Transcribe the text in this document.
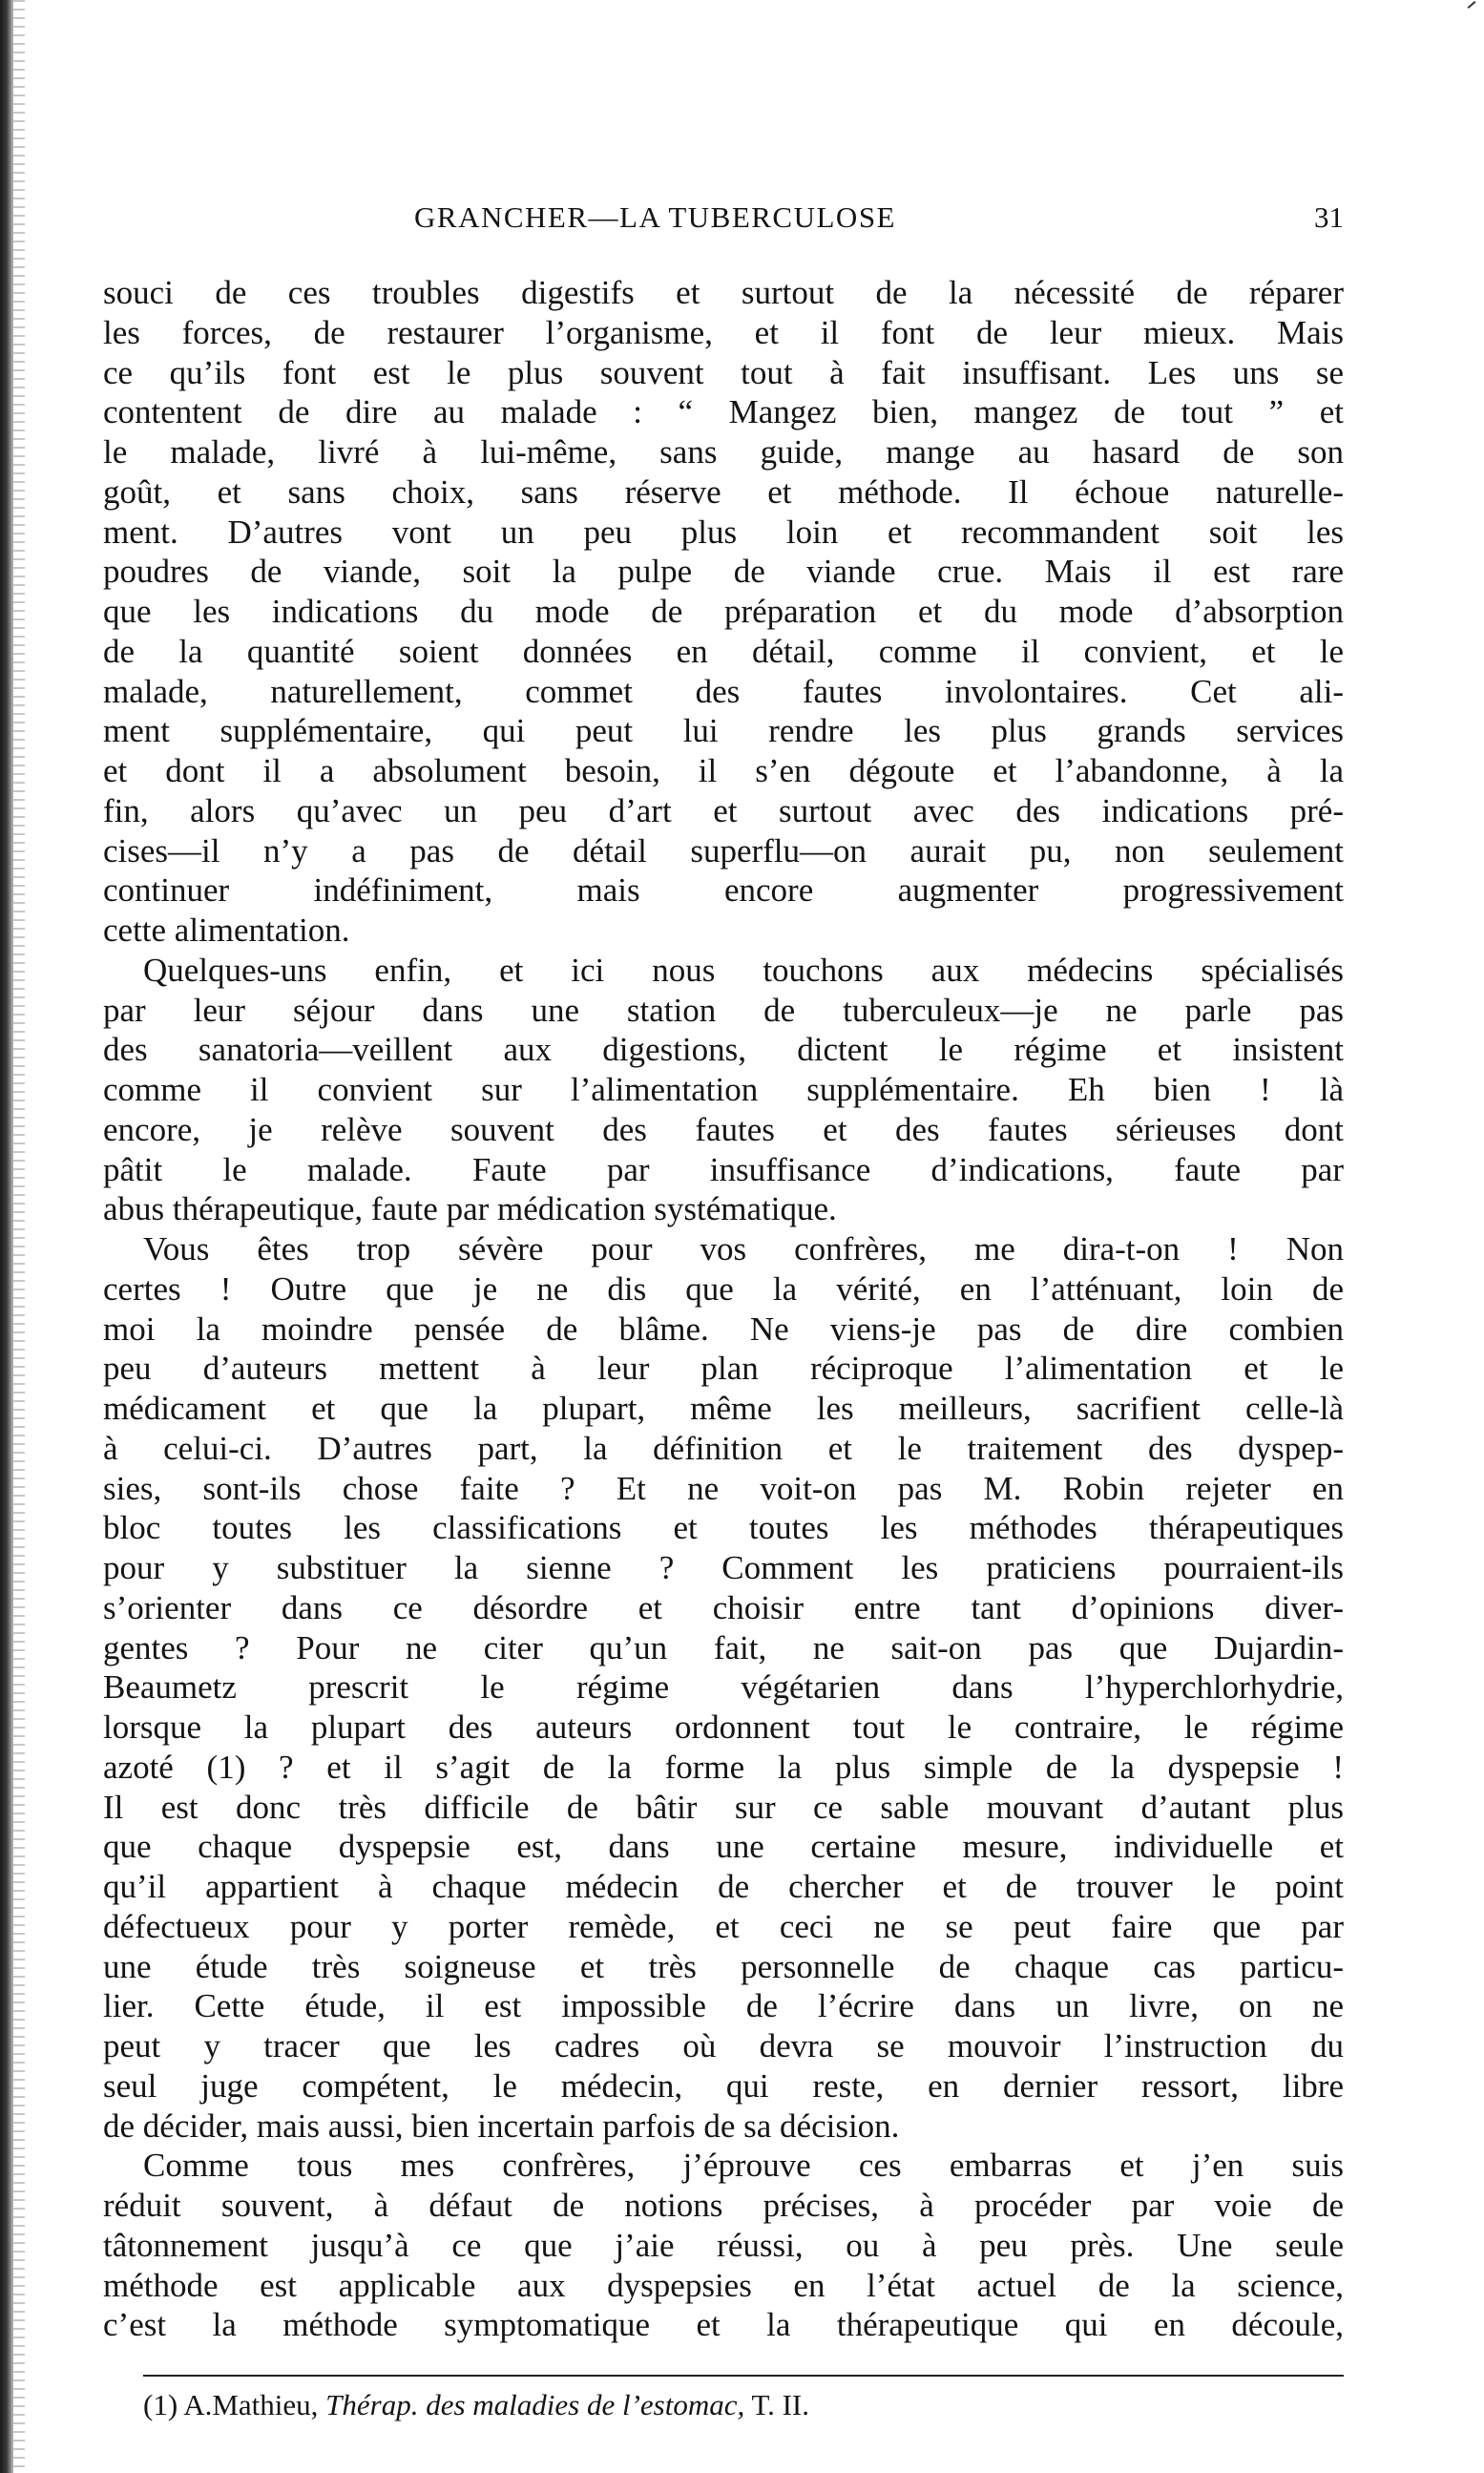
GRANCHER—LA TUBERCULOSE	31
souci de ces troubles digestifs et surtout de la nécessité de réparer
les forces, de restaurer l’organisme, et il font de leur mieux. Mais
ce qu’ils font est le plus souvent tout à fait insuffisant. Les uns se
contentent de dire au malade : “ Mangez bien, mangez de tout ” et
le malade, livré à lui-même, sans guide, mange au hasard de son
goût, et sans choix, sans réserve et méthode. Il échoue naturelle-
ment. D’autres vont un peu plus loin et recommandent soit les
poudres de viande, soit la pulpe de viande crue. Mais il est rare
que les indications du mode de préparation et du mode d’absorption
de la quantité soient données en détail, comme il convient, et le
malade, naturellement, commet des fautes involontaires. Cet ali-
ment supplémentaire, qui peut lui rendre les plus grands services
et dont il a absolument besoin, il s’en dégoute et l’abandonne, à la
fin, alors qu’avec un peu d’art et surtout avec des indications pré-
cises—il n’y a pas de détail superflu—on aurait pu, non seulement
continuer indéfiniment, mais encore augmenter progressivement
cette alimentation.
Quelques-uns enfin, et ici nous touchons aux médecins spécialisés
par leur séjour dans une station de tuberculeux—je ne parle pas
des sanatoria—veillent aux digestions, dictent le régime et insistent
comme il convient sur l’alimentation supplémentaire. Eh bien ! là
encore, je relève souvent des fautes et des fautes sérieuses dont
pâtit le malade. Faute par insuffisance d’indications, faute par
abus thérapeutique, faute par médication systématique.
Vous êtes trop sévère pour vos confrères, me dira-t-on ! Non
certes ! Outre que je ne dis que la vérité, en l’atténuant, loin de
moi la moindre pensée de blâme. Ne viens-je pas de dire combien
peu d’auteurs mettent à leur plan réciproque l’alimentation et le
médicament et que la plupart, même les meilleurs, sacrifient celle-là
à celui-ci. D’autres part, la définition et le traitement des dyspep-
sies, sont-ils chose faite ? Et ne voit-on pas M. Robin rejeter en
bloc toutes les classifications et toutes les méthodes thérapeutiques
pour y substituer la sienne ? Comment les praticiens pourraient-ils
s’orienter dans ce désordre et choisir entre tant d’opinions diver-
gentes ? Pour ne citer qu’un fait, ne sait-on pas que Dujardin-
Beaumetz prescrit le régime végétarien dans l’hyperchlorhydrie,
lorsque la plupart des auteurs ordonnent tout le contraire, le régime
azoté (1) ? et il s’agit de la forme la plus simple de la dyspepsie !
Il est donc très difficile de bâtir sur ce sable mouvant d’autant plus
que chaque dyspepsie est, dans une certaine mesure, individuelle et
qu’il appartient à chaque médecin de chercher et de trouver le point
défectueux pour y porter remède, et ceci ne se peut faire que par
une étude très soigneuse et très personnelle de chaque cas particu-
lier. Cette étude, il est impossible de l’écrire dans un livre, on ne
peut y tracer que les cadres où devra se mouvoir l’instruction du
seul juge compétent, le médecin, qui reste, en dernier ressort, libre
de décider, mais aussi, bien incertain parfois de sa décision.
Comme tous mes confrères, j’éprouve ces embarras et j’en suis
réduit souvent, à défaut de notions précises, à procéder par voie de
tâtonnement jusqu’à ce que j’aie réussi, ou à peu près. Une seule
méthode est applicable aux dyspepsies en l’état actuel de la science,
c’est la méthode symptomatique et la thérapeutique qui en découle,
(1) A.Mathieu, Thérap. des maladies de l’estomac, T. II.
